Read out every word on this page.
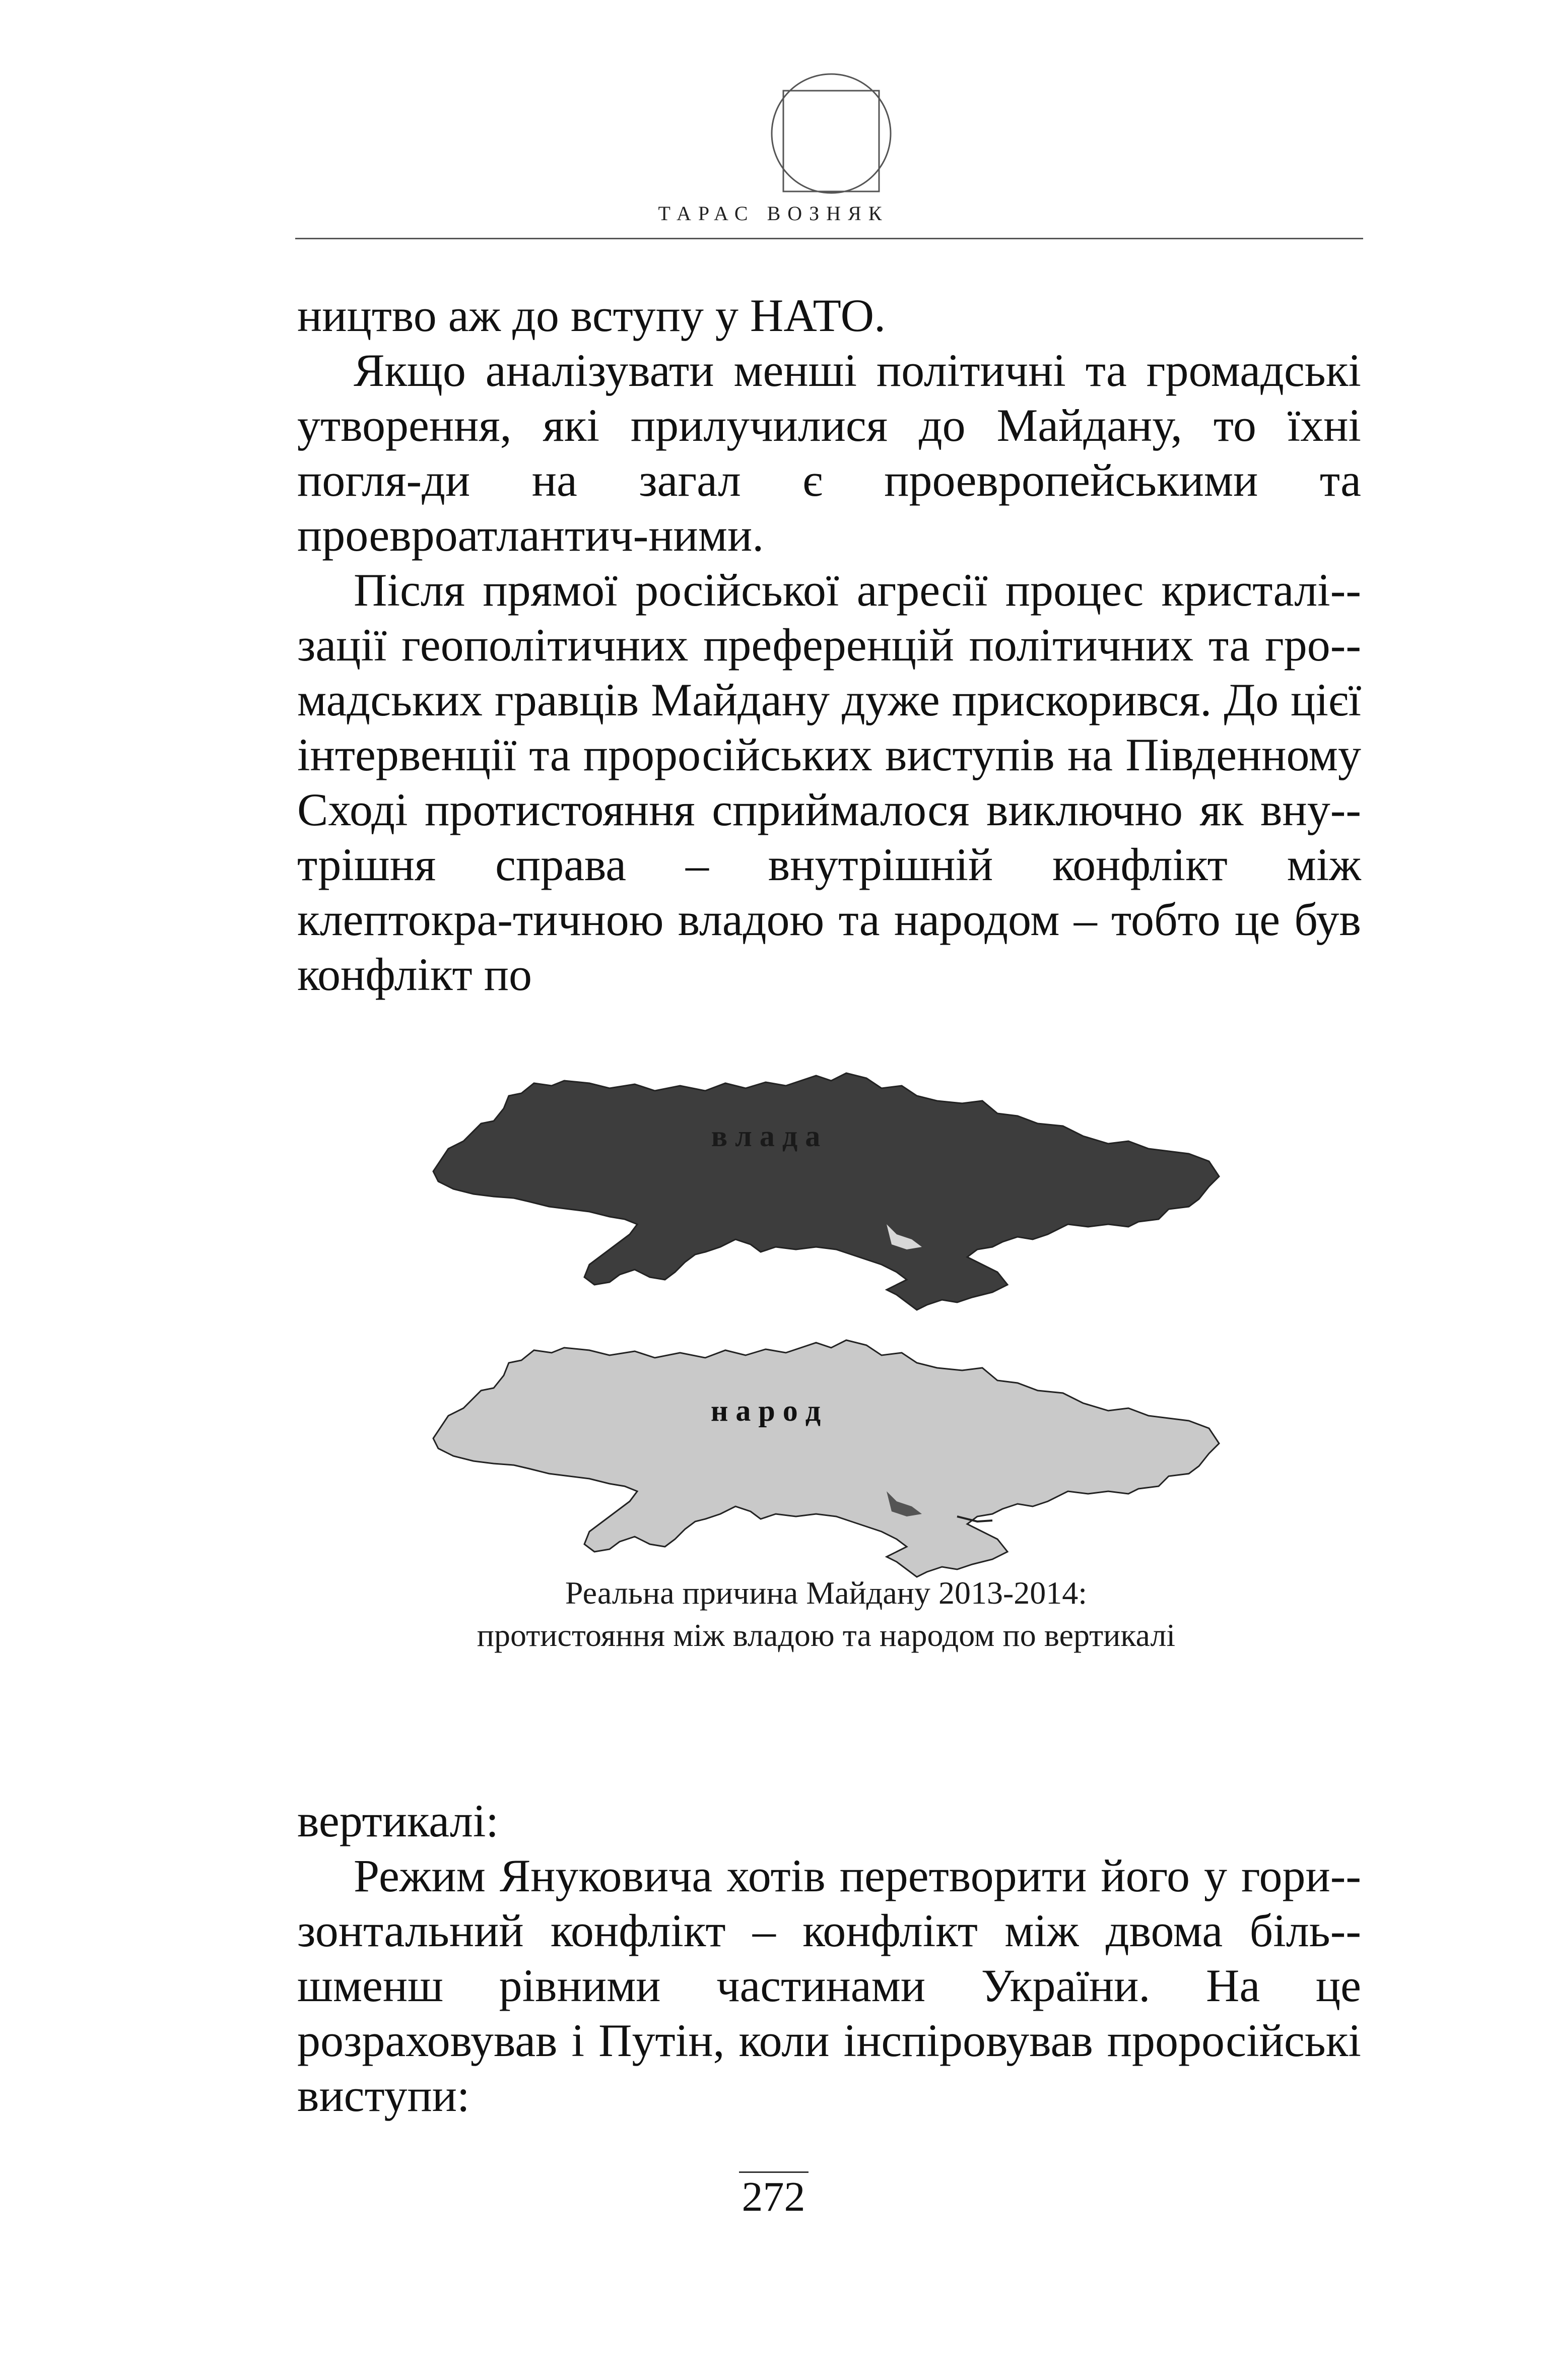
ТАРАС ВОЗНЯК

ництво аж до вступу у НАТО.

Якщо аналізувати менші політичні та громадські утворення, які прилучилися до Майдану, то їхні погля-ди на загал є проевропейськими та проевроатлантич-ними.

Після прямої російської агресії процес кристалі-зації геополітичних преференцій політичних та гро-мадських гравців Майдану дуже прискорився. До цієї інтервенції та проросійських виступів на Південному Сході протистояння сприймалося виключно як вну-трішня справа – внутрішній конфлікт між клептокра-тичною владою та народом – тобто це був конфлікт по

в л а д а
н а р о д
Реальна причина Майдану 2013-2014:
протистояння між владою та народом по вертикалі

вертикалі:

Режим Януковича хотів перетворити його у гори-зонтальний конфлікт – конфлікт між двома біль-шменш рівними частинами України. На це розраховував і Путін, коли інспіровував проросійські виступи:

272
